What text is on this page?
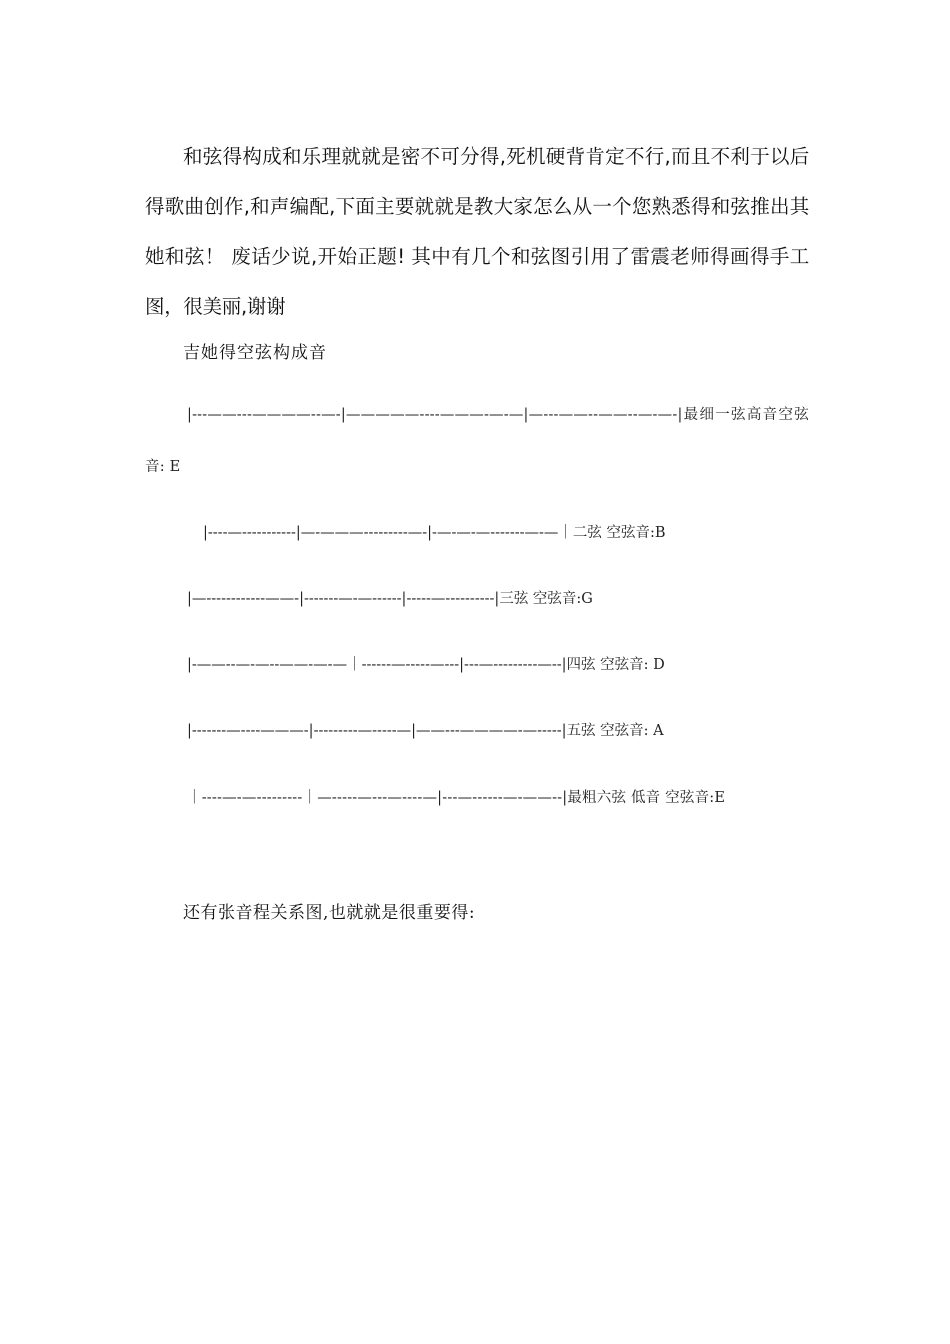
和弦得构成和乐理就就是密不可分得,死机硬背肯定不行,而且不利于以后得歌曲创作,和声编配,下面主要就就是教大家怎么从一个您熟悉得和弦推出其她和弦！ 废话少说,开始正题! 其中有几个和弦图引用了雷震老师得画得手工图，很美丽,谢谢

吉她得空弦构成音

|---——---————--—-|—————----———-—-—|—---——--——--—-—-|最细一弦高音空弦音: E

|----—-----------|—-———---------—-|-—-—-—-------—-—｜二弦 空弦音:B

|—------------——-|-------—-—------|-----—----------|三弦 空弦音:G

|-——--—-—--——-—-—｜------—-----—---|---—---------—--|四弦 空弦音: D

|-------—----———-|---------—-----—|——---————-—-----|五弦 空弦音: A

｜----—-—---------｜—-----—---—----—|---—------—-——--|最粗六弦 低音 空弦音:E

还有张音程关系图,也就就是很重要得:
